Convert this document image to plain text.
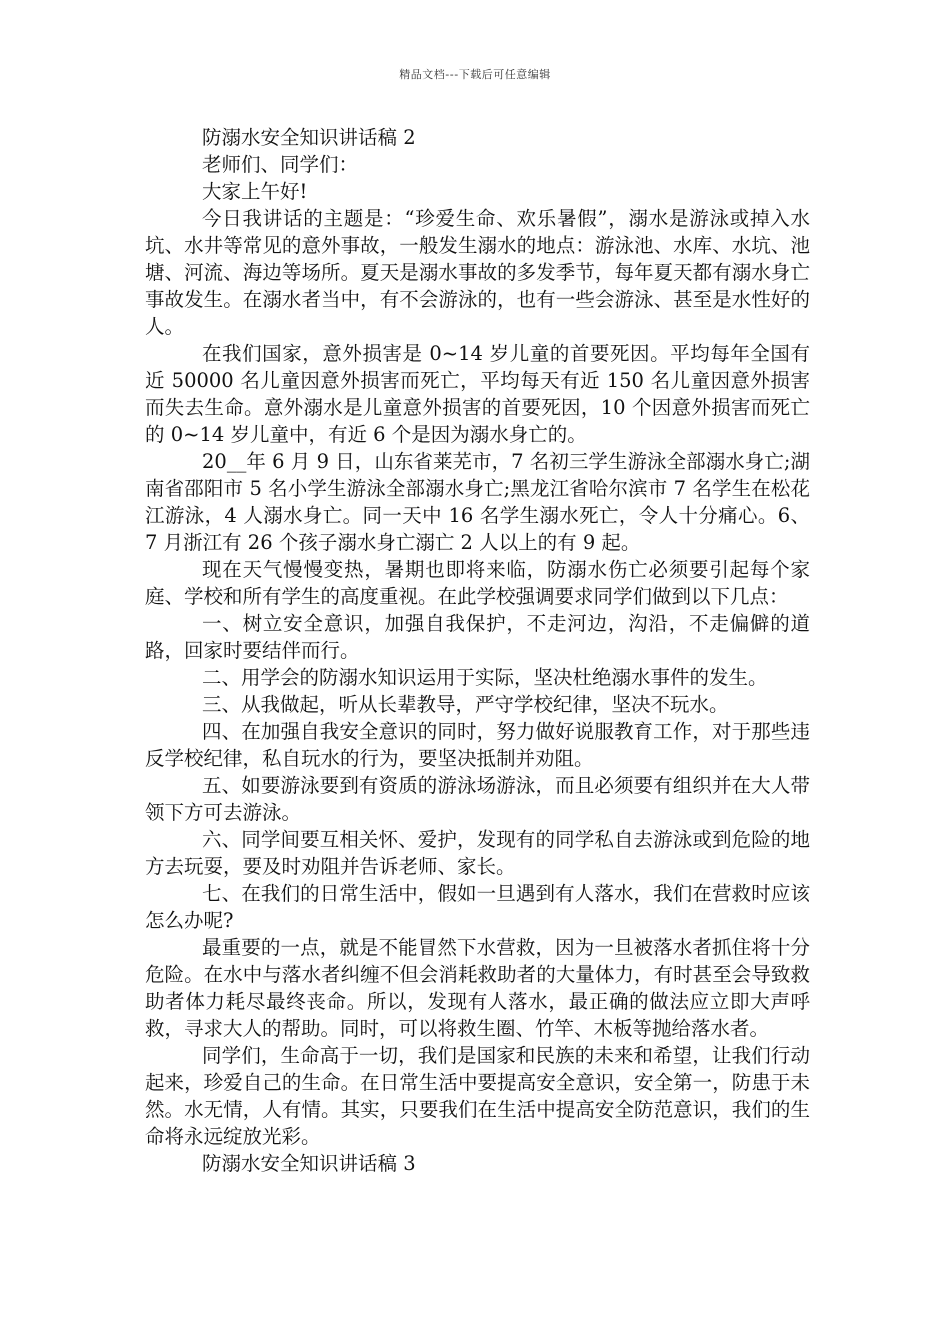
精品文档---下载后可任意编辑
防溺水安全知识讲话稿 2
老师们、同学们：
大家上午好!
今日我讲话的主题是：“珍爱生命、欢乐暑假”，溺水是游泳或掉入水坑、水井等常见的意外事故，一般发生溺水的地点：游泳池、水库、水坑、池塘、河流、海边等场所。夏天是溺水事故的多发季节，每年夏天都有溺水身亡事故发生。在溺水者当中，有不会游泳的，也有一些会游泳、甚至是水性好的人。
在我们国家，意外损害是 0~14 岁儿童的首要死因。平均每年全国有近 50000 名儿童因意外损害而死亡，平均每天有近 150 名儿童因意外损害而失去生命。意外溺水是儿童意外损害的首要死因，10 个因意外损害而死亡的 0~14 岁儿童中，有近 6 个是因为溺水身亡的。
20__年 6 月 9 日，山东省莱芜市，7 名初三学生游泳全部溺水身亡;湖南省邵阳市 5 名小学生游泳全部溺水身亡;黑龙江省哈尔滨市 7 名学生在松花江游泳，4 人溺水身亡。同一天中 16 名学生溺水死亡，令人十分痛心。6、7 月浙江有 26 个孩子溺水身亡溺亡 2 人以上的有 9 起。
现在天气慢慢变热，暑期也即将来临，防溺水伤亡必须要引起每个家庭、学校和所有学生的高度重视。在此学校强调要求同学们做到以下几点：
一、树立安全意识，加强自我保护，不走河边，沟沿，不走偏僻的道路，回家时要结伴而行。
二、用学会的防溺水知识运用于实际，坚决杜绝溺水事件的发生。
三、从我做起，听从长辈教导，严守学校纪律，坚决不玩水。
四、在加强自我安全意识的同时，努力做好说服教育工作，对于那些违反学校纪律，私自玩水的行为，要坚决抵制并劝阻。
五、如要游泳要到有资质的游泳场游泳，而且必须要有组织并在大人带领下方可去游泳。
六、同学间要互相关怀、爱护，发现有的同学私自去游泳或到危险的地方去玩耍，要及时劝阻并告诉老师、家长。
七、在我们的日常生活中，假如一旦遇到有人落水，我们在营救时应该怎么办呢?
最重要的一点，就是不能冒然下水营救，因为一旦被落水者抓住将十分危险。在水中与落水者纠缠不但会消耗救助者的大量体力，有时甚至会导致救助者体力耗尽最终丧命。所以，发现有人落水，最正确的做法应立即大声呼救，寻求大人的帮助。同时，可以将救生圈、竹竿、木板等抛给落水者。
同学们，生命高于一切，我们是国家和民族的未来和希望，让我们行动起来，珍爱自己的生命。在日常生活中要提高安全意识，安全第一，防患于未然。水无情，人有情。其实，只要我们在生活中提高安全防范意识，我们的生命将永远绽放光彩。
防溺水安全知识讲话稿 3
